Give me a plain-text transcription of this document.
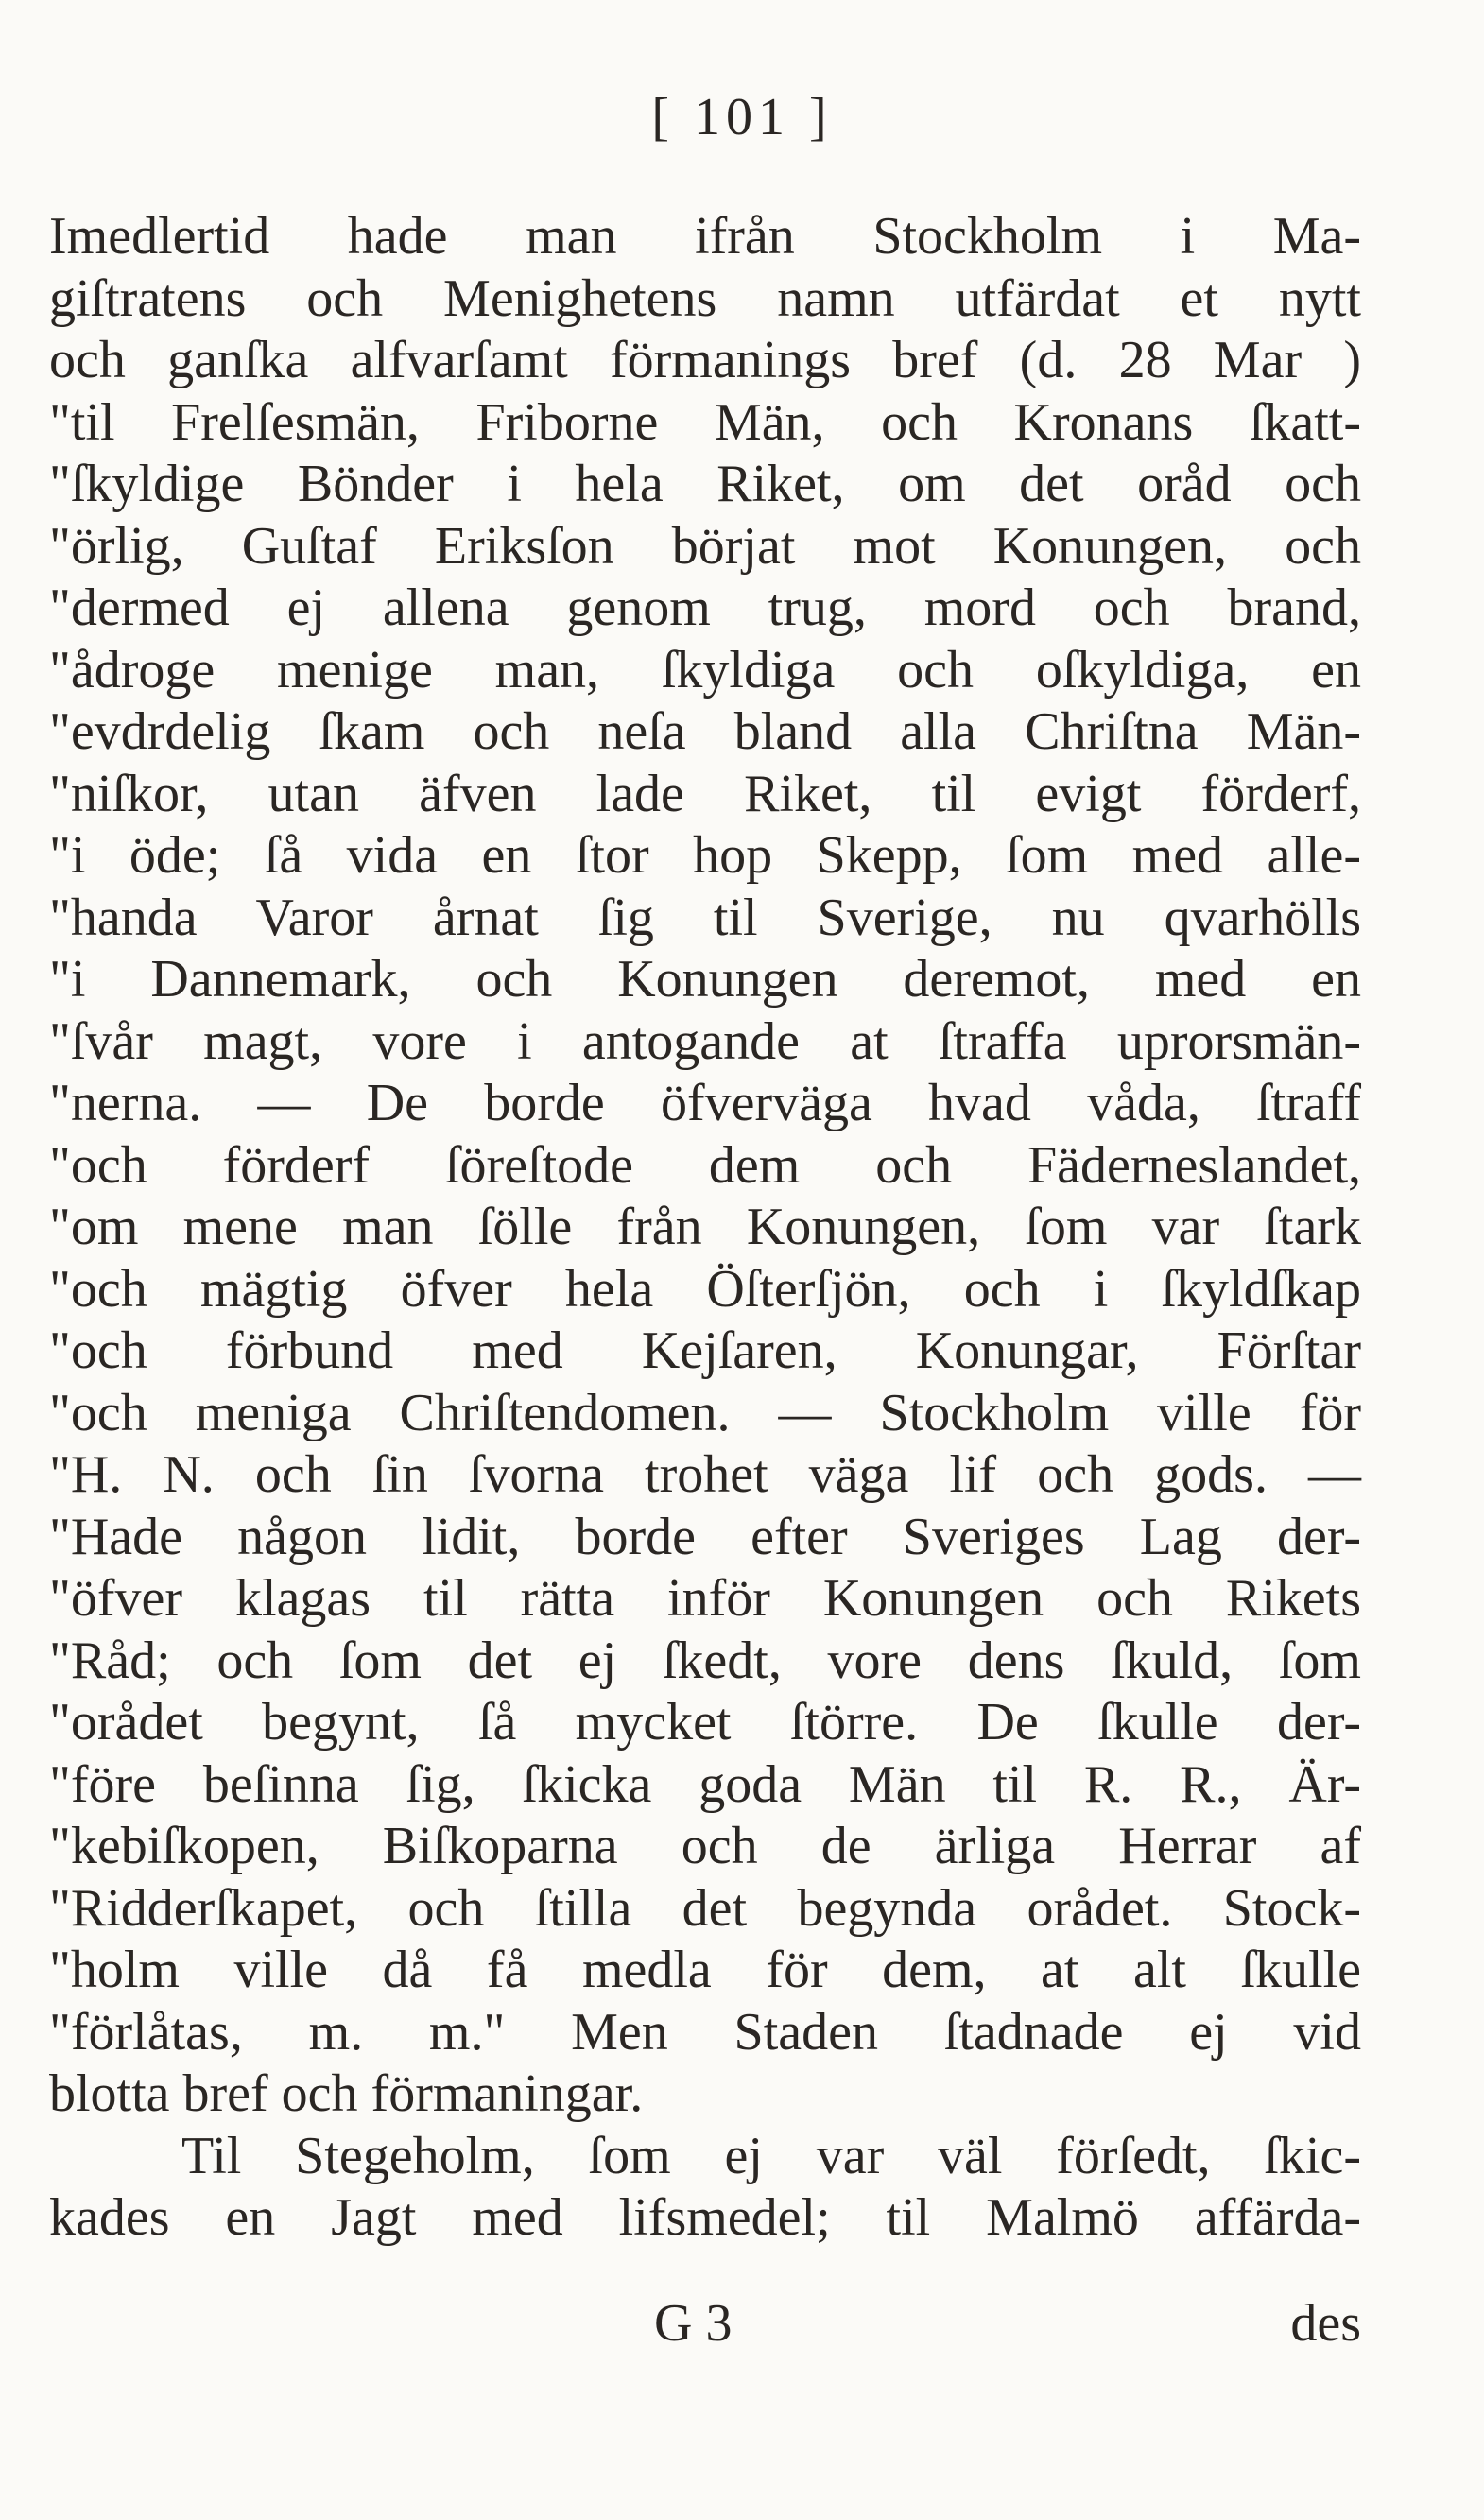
[ 101 ]
Imedlertid hade man ifrån Stockholm i Ma-
giſtratens och Menighetens namn utfärdat et nytt
och ganſka alfvarſamt förmanings bref (d. 28 Mar )
"til Frelſesmän, Friborne Män, och Kronans ſkatt-
"ſkyldige Bönder i hela Riket, om det oråd och
"örlig, Guſtaf Eriksſon börjat mot Konungen, och
"dermed ej allena genom trug, mord och brand,
"ådroge menige man, ſkyldiga och oſkyldiga, en
"evdrdelig ſkam och neſa bland alla Chriſtna Män-
"niſkor, utan äfven lade Riket, til evigt förderf,
"i öde; ſå vida en ſtor hop Skepp, ſom med alle-
"handa Varor årnat ſig til Sverige, nu qvarhölls
"i Dannemark, och Konungen deremot, med en
"ſvår magt, vore i antogande at ſtraffa uprorsmän-
"nerna. — De borde öfverväga hvad våda, ſtraff
"och förderf ſöreſtode dem och Fäderneslandet,
"om mene man ſölle från Konungen, ſom var ſtark
"och mägtig öfver hela Öſterſjön, och i ſkyldſkap
"och förbund med Kejſaren, Konungar, Förſtar
"och meniga Chriſtendomen. — Stockholm ville för
"H. N. och ſin ſvorna trohet väga lif och gods. —
"Hade någon lidit, borde efter Sveriges Lag der-
"öfver klagas til rätta inför Konungen och Rikets
"Råd; och ſom det ej ſkedt, vore dens ſkuld, ſom
"orådet begynt, ſå mycket ſtörre. De ſkulle der-
"före beſinna ſig, ſkicka goda Män til R. R., Är-
"kebiſkopen, Biſkoparna och de ärliga Herrar af
"Ridderſkapet, och ſtilla det begynda orådet. Stock-
"holm ville då få medla för dem, at alt ſkulle
"förlåtas, m. m." Men Staden ſtadnade ej vid
blotta bref och förmaningar.
Til Stegeholm, ſom ej var väl förſedt, ſkic-
kades en Jagt med lifsmedel; til Malmö affärda-
G 3	des
